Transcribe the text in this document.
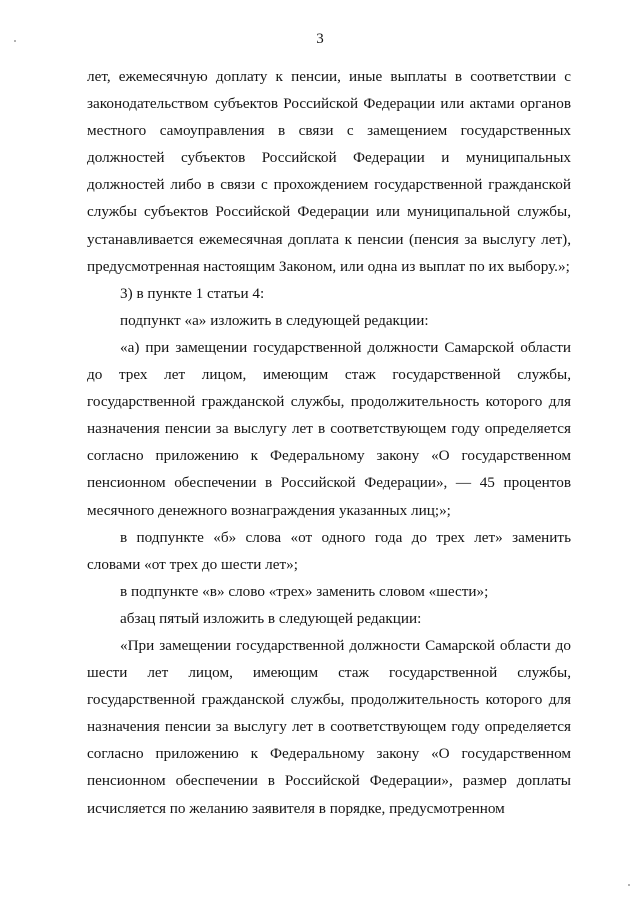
3

лет, ежемесячную доплату к пенсии, иные выплаты в соответствии с законодательством субъектов Российской Федерации или актами органов местного самоуправления в связи с замещением государственных должностей субъектов Российской Федерации и муниципальных должностей либо в связи с прохождением государственной гражданской службы субъектов Российской Федерации или муниципальной службы, устанавливается ежемесячная доплата к пенсии (пенсия за выслугу лет), предусмотренная настоящим Законом, или одна из выплат по их выбору.»;

3) в пункте 1 статьи 4:

подпункт «а» изложить в следующей редакции:

«а) при замещении государственной должности Самарской области до трех лет лицом, имеющим стаж государственной службы, государственной гражданской службы, продолжительность которого для назначения пенсии за выслугу лет в соответствующем году определяется согласно приложению к Федеральному закону «О государственном пенсионном обеспечении в Российской Федерации», — 45 процентов месячного денежного вознаграждения указанных лиц;»;

в подпункте «б» слова «от одного года до трех лет» заменить словами «от трех до шести лет»;

в подпункте «в» слово «трех» заменить словом «шести»;

абзац пятый изложить в следующей редакции:

«При замещении государственной должности Самарской области до шести лет лицом, имеющим стаж государственной службы, государственной гражданской службы, продолжительность которого для назначения пенсии за выслугу лет в соответствующем году определяется согласно приложению к Федеральному закону «О государственном пенсионном обеспечении в Российской Федерации», размер доплаты исчисляется по желанию заявителя в порядке, предусмотренном
